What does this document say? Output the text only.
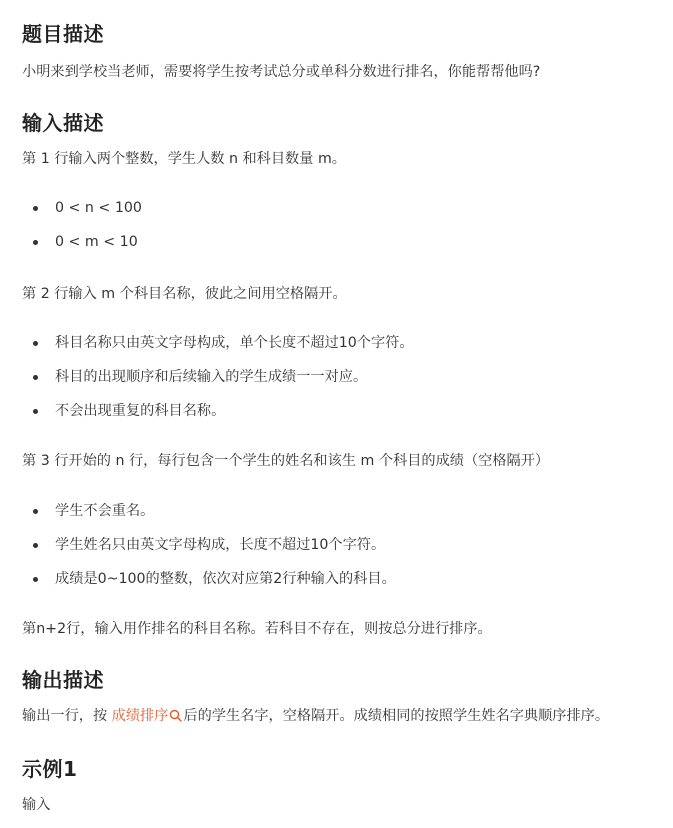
题目描述

小明来到学校当老师，需要将学生按考试总分或单科分数进行排名，你能帮帮他吗?

输入描述

第 1 行输入两个整数，学生人数 n 和科目数量 m。

0 < n < 100
0 < m < 10

第 2 行输入 m 个科目名称，彼此之间用空格隔开。

科目名称只由英文字母构成，单个长度不超过10个字符。
科目的出现顺序和后续输入的学生成绩一一对应。
不会出现重复的科目名称。

第 3 行开始的 n 行，每行包含一个学生的姓名和该生 m 个科目的成绩（空格隔开）

学生不会重名。
学生姓名只由英文字母构成，长度不超过10个字符。
成绩是0~100的整数，依次对应第2行种输入的科目。

第n+2行，输入用作排名的科目名称。若科目不存在，则按总分进行排序。

输出描述

输出一行，按 成绩排序 后的学生名字，空格隔开。成绩相同的按照学生姓名字典顺序排序。

示例1

输入
